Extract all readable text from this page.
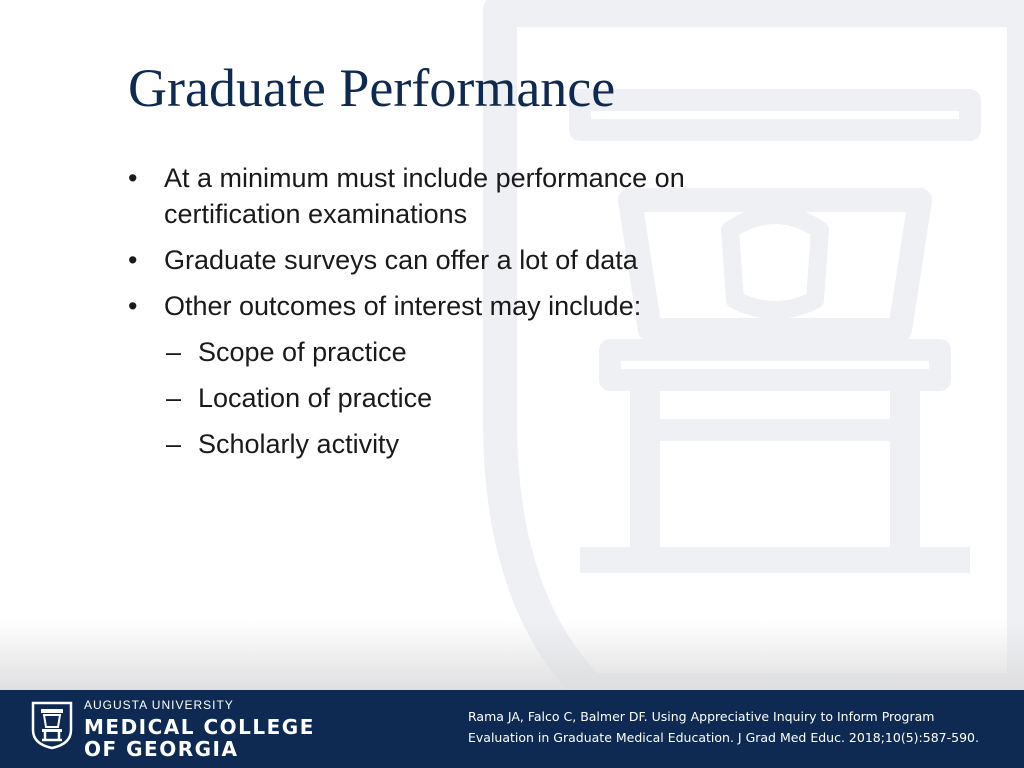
Graduate Performance
• At a minimum must include performance on
certification examinations
• Graduate surveys can offer a lot of data
• Other outcomes of interest may include:
– Scope of practice
– Location of practice
– Scholarly activity
AUGUSTA UNIVERSITY
MEDICAL COLLEGE
OF GEORGIA
Rama JA, Falco C, Balmer DF. Using Appreciative Inquiry to Inform Program
Evaluation in Graduate Medical Education. J Grad Med Educ. 2018;10(5):587-590.
